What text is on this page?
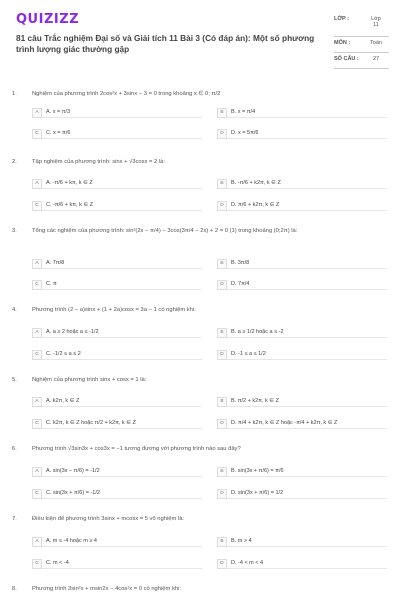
QUIZIZZ
81 câu Trắc nghiệm Đại số và Giải tích 11 Bài 3 (Có đáp án): Một số phương trình lượng giác thường gặp
LỚP :	Lớp 11
MÔN :	Toán
SỐ CÂU :	27
1.	Nghiệm của phương trình 2cos²x + 3sinx − 3 = 0 trong khoảng x ∈ 0; π/2
A	A. x = π/3	B	B. x = π/4
C	C. x = π/6	D	D. x = 5π/6
2.	Tập nghiệm của phương trình: sinx + √3cosx = 2 là:
A	A. -π/6 + kπ, k ∈ Z	B	B. -π/6 + k2π, k ∈ Z
C	C. -π/6 + kπ, k ∈ Z	D	D. π/6 + k2π, k ∈ Z
3.	Tổng các nghiệm của phương trình: sin²(2x − π/4) − 3cos(3π/4 − 2x) + 2 = 0 (1) trong khoảng (0;2π) là:
A	A. 7π/8	B	B. 3π/8
C	C. π	D	D. 7π/4
4.	Phương trình (2 − a)sinx + (1 + 2a)cosx = 3a − 1 có nghiệm khi:
A	A. a ≥ 2 hoặc a ≤ -1/2	B	B. a ≥ 1/2 hoặc a ≤ -2
C	C. -1/2 ≤ a ≤ 2	D	D. -1 ≤ a ≤ 1/2
5.	Nghiệm của phương trình sinx + cosx = 1 là:
A	A. k2π, k ∈ Z	B	B. π/2 + k2π, k ∈ Z
C	C. k2π, k ∈ Z hoặc π/2 + k2π, k ∈ Z	D	D. π/4 + k2π, k ∈ Z hoặc -π/4 + k2π, k ∈ Z
6.	Phương trình √3sin3x + cos3x = −1 tương đương với phương trình nào sau đây?
A	A. sin(3x − π/6) = -1/2	B	B. sin(3x + π/6) = π/6
C	C. sin(3x + π/6) = -1/2	D	D. sin(3x + π/6) = 1/2
7.	Điều kiện để phương trình 3sinx + mcosx = 5 vô nghiệm là:
A	A. m ≤ -4 hoặc m ≥ 4	B	B. m > 4
C	C. m < -4	D	D. -4 < m < 4
8.	Phương trình 3sin²x + msin2x − 4cos²x = 0 có nghiệm khi:
